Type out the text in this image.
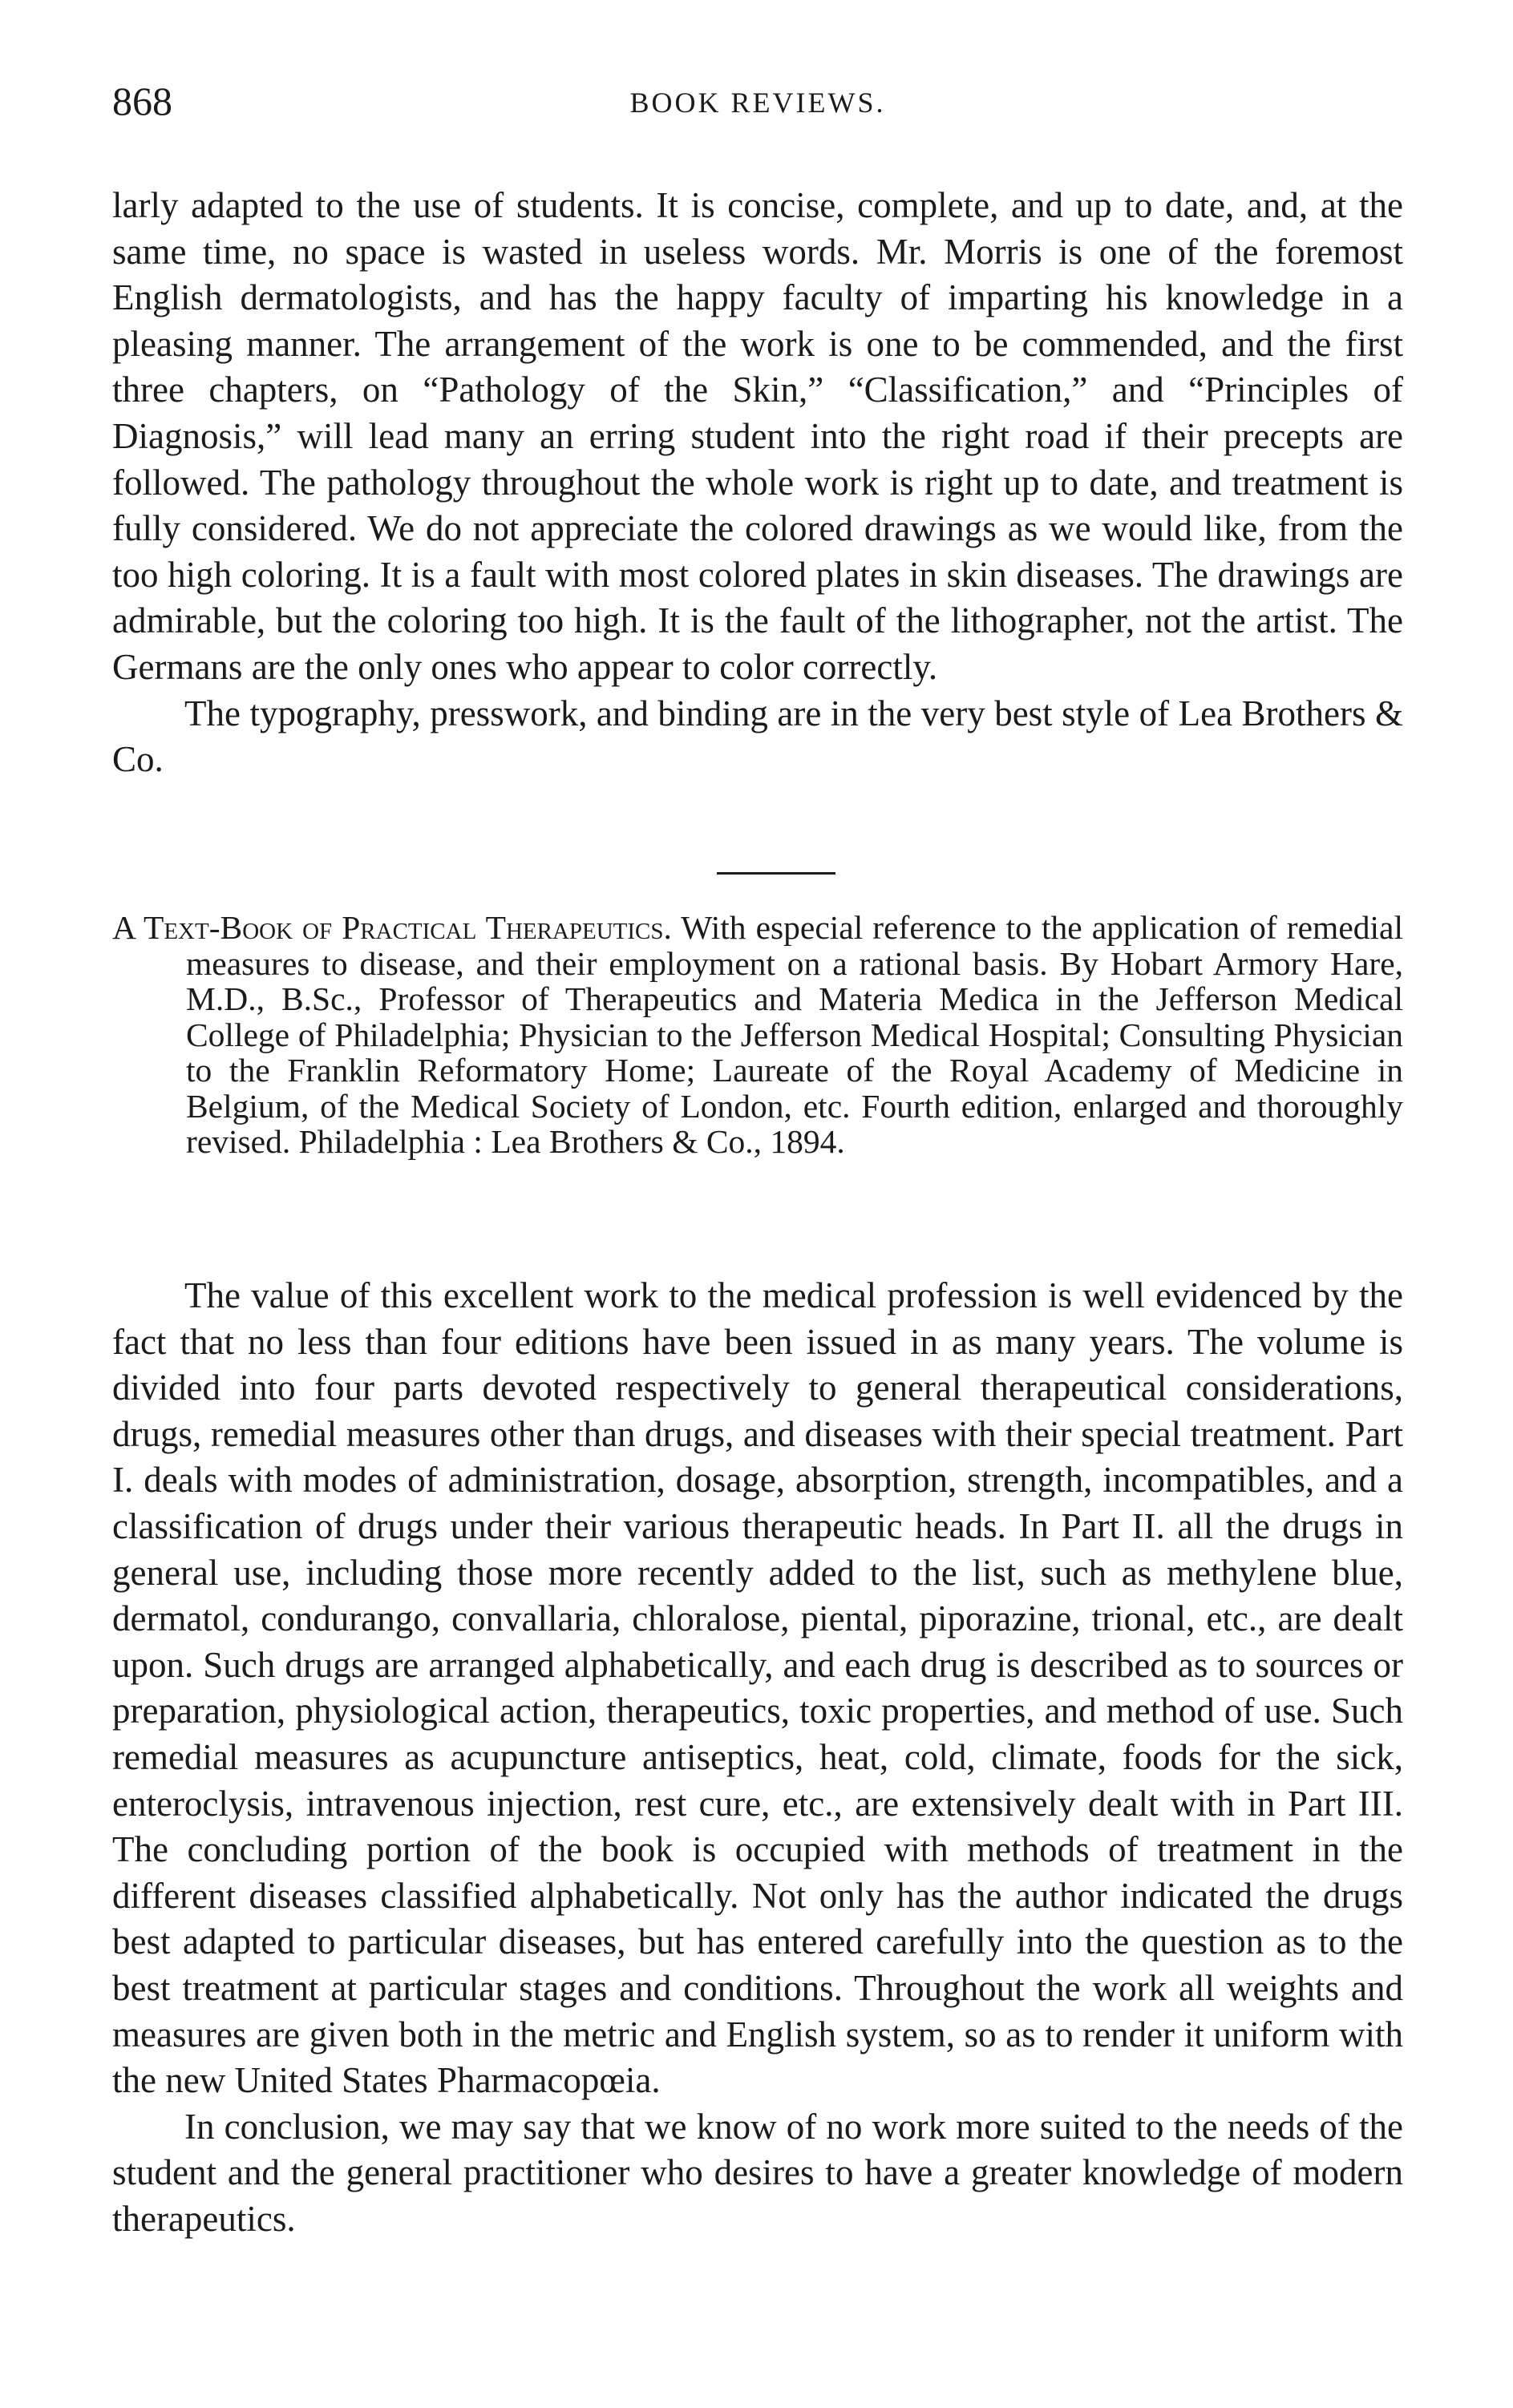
868	BOOK REVIEWS.

larly adapted to the use of students. It is concise, complete, and up to date, and, at the same time, no space is wasted in useless words. Mr. Morris is one of the foremost English dermatologists, and has the happy faculty of imparting his knowledge in a pleasing manner. The arrangement of the work is one to be commended, and the first three chapters, on “Pathology of the Skin,” “Classification,” and “Principles of Diagnosis,” will lead many an erring student into the right road if their precepts are followed. The pathology throughout the whole work is right up to date, and treatment is fully considered. We do not appreciate the colored drawings as we would like, from the too high coloring. It is a fault with most colored plates in skin diseases. The drawings are admirable, but the coloring too high. It is the fault of the lithographer, not the artist. The Germans are the only ones who appear to color correctly.

The typography, presswork, and binding are in the very best style of Lea Brothers & Co.

A Text-Book of Practical Therapeutics. With especial reference to the application of remedial measures to disease, and their employment on a rational basis. By Hobart Armory Hare, M.D., B.Sc., Professor of Therapeutics and Materia Medica in the Jefferson Medical College of Philadelphia; Physician to the Jefferson Medical Hospital; Consulting Physician to the Franklin Reformatory Home; Laureate of the Royal Academy of Medicine in Belgium, of the Medical Society of London, etc. Fourth edition, enlarged and thoroughly revised. Philadelphia : Lea Brothers & Co., 1894.

The value of this excellent work to the medical profession is well evidenced by the fact that no less than four editions have been issued in as many years. The volume is divided into four parts devoted respectively to general therapeutical considerations, drugs, remedial measures other than drugs, and diseases with their special treatment. Part I. deals with modes of administration, dosage, absorption, strength, incompatibles, and a classification of drugs under their various therapeutic heads. In Part II. all the drugs in general use, including those more recently added to the list, such as methylene blue, dermatol, condurango, convallaria, chloralose, piental, piporazine, trional, etc., are dealt upon. Such drugs are arranged alphabetically, and each drug is described as to sources or preparation, physiological action, therapeutics, toxic properties, and method of use. Such remedial measures as acupuncture antiseptics, heat, cold, climate, foods for the sick, enteroclysis, intravenous injection, rest cure, etc., are extensively dealt with in Part III. The concluding portion of the book is occupied with methods of treatment in the different diseases classified alphabetically. Not only has the author indicated the drugs best adapted to particular diseases, but has entered carefully into the question as to the best treatment at particular stages and conditions. Throughout the work all weights and measures are given both in the metric and English system, so as to render it uniform with the new United States Pharmacopœia.

In conclusion, we may say that we know of no work more suited to the needs of the student and the general practitioner who desires to have a greater knowledge of modern therapeutics.
